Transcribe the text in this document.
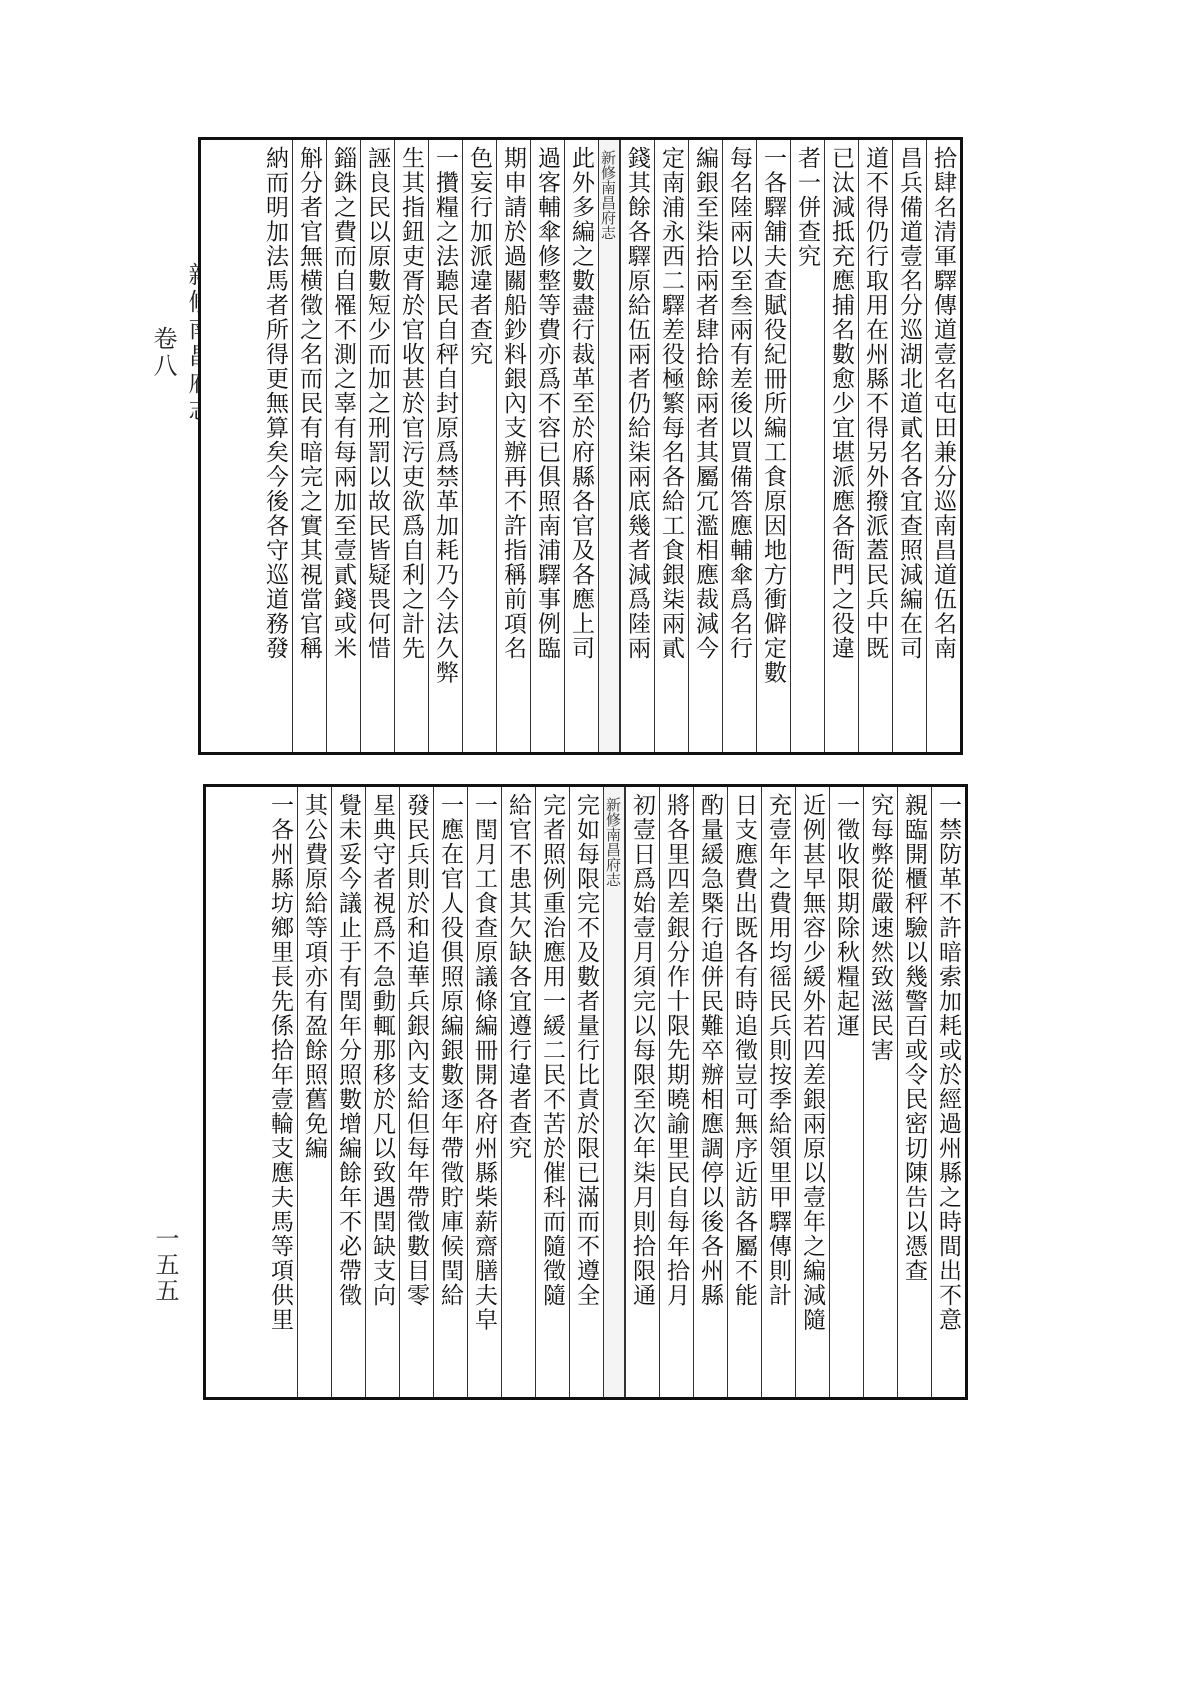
卷八
一五五
拾肆名清軍驛傳道壹名屯田兼分巡南昌道伍名南
昌兵備道壹名分巡湖北道貳名各宜查照減編在司
道不得仍行取用在州縣不得另外撥派蓋民兵中既
已汰減抵充應捕名數愈少宜堪派應各衙門之役違
者一併查究
一各驛舖夫查賦役紀冊所編工食原因地方衝僻定數
每名陸兩以至叁兩有差後以買備答應輔傘爲名行
編銀至柒拾兩者肆拾餘兩者其屬冗濫相應裁減今
定南浦永西二驛差役極繁每名各給工食銀柒兩貳
錢其餘各驛原給伍兩者仍給柒兩底幾者減爲陸兩
新修南昌府志
此外多編之數盡行裁革至於府縣各官及各應上司
過客輔傘修整等費亦爲不容已俱照南浦驛事例臨
期申請於過關船鈔料銀內支辦再不許指稱前項名
色妄行加派違者查究
一攢糧之法聽民自秤自封原爲禁革加耗乃今法久弊
生其指鈕吏胥於官收甚於官污吏欲爲自利之計先
誣良民以原數短少而加之刑罰以故民皆疑畏何惜
錙銖之費而自罹不測之辜有每兩加至壹貳錢或米
斛分者官無横徵之名而民有暗完之實其視當官稱
納而明加法馬者所得更無算矣今後各守巡道務發
一禁防革不許暗索加耗或於經過州縣之時間出不意
親臨開櫃秤驗以幾警百或令民密切陳告以憑查
究每弊從嚴速然致滋民害
一徵收限期除秋糧起運
近例甚早無容少緩外若四差銀兩原以壹年之編減隨
充壹年之費用均徭民兵則按季給領里甲驛傳則計
日支應費出既各有時追徵豈可無序近訪各屬不能
酌量緩急槩行追併民難卒辦相應調停以後各州縣
將各里四差銀分作十限先期曉諭里民自每年拾月
初壹日爲始壹月須完以每限至次年柒月則拾限通
新修南昌府志
完如每限完不及數者量行比責於限已滿而不遵全
完者照例重治應用一緩二民不苦於催科而隨徵隨
給官不患其欠缺各宜遵行違者查究
一閏月工食查原議條編冊開各府州縣柴薪齋膳夫皁
一應在官人役俱照原編銀數逐年帶徵貯庫候閏給
發民兵則於和追華兵銀內支給但每年帶徵數目零
星典守者視爲不急動輒那移於凡以致遇閏缺支向
覺未妥今議止于有閏年分照數增編餘年不必帶徵
其公費原給等項亦有盈餘照舊免編
一各州縣坊鄉里長先係拾年壹輪支應夫馬等項供里
